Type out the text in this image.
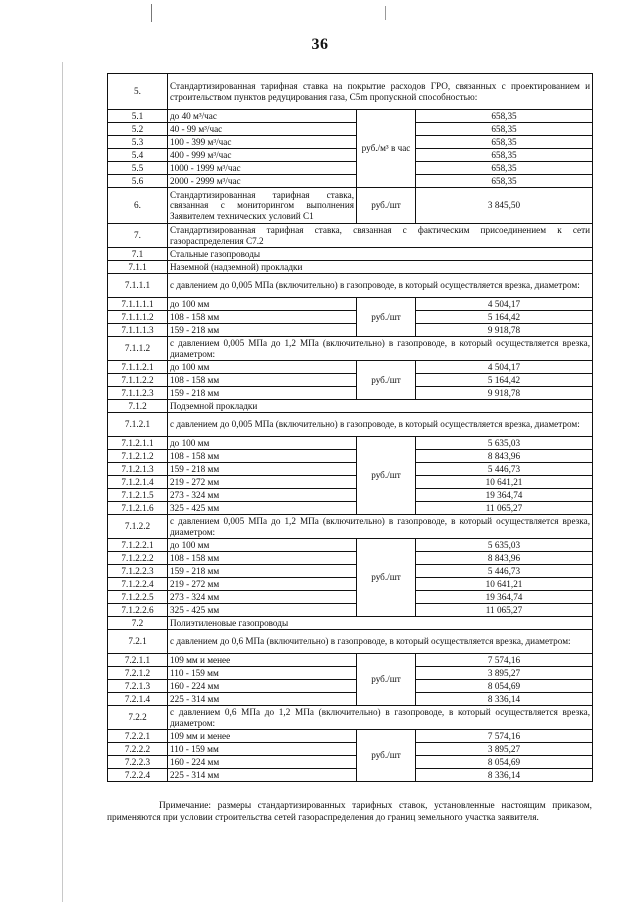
36
5.	Стандартизированная тарифная ставка на покрытие расходов ГРО, связанных с проектированием и строительством пунктов редуцирования газа, С5m пропускной способностью:		
5.1	до 40 м³/час	руб./м³ в час	658,35
5.2	40 - 99 м³/час		658,35
5.3	100 - 399 м³/час		658,35
5.4	400 - 999 м³/час		658,35
5.5	1000 - 1999 м³/час		658,35
5.6	2000 - 2999 м³/час		658,35
6.	Стандартизированная тарифная ставка, связанная с мониторингом выполнения Заявителем технических условий С1	руб./шт	3 845,50
7.	Стандартизированная тарифная ставка, связанная с фактическим присоединением к сети газораспределения С7.2		
7.1	Стальные газопроводы		
7.1.1	Наземной (надземной) прокладки		
7.1.1.1	с давлением до 0,005 МПа (включительно) в газопроводе, в который осуществляется врезка, диаметром:		
7.1.1.1.1	до 100 мм	руб./шт	4 504,17
7.1.1.1.2	108 - 158 мм		5 164,42
7.1.1.1.3	159 - 218 мм		9 918,78
7.1.1.2	с давлением 0,005 МПа до 1,2 МПа (включительно) в газопроводе, в который осуществляется врезка, диаметром:		
7.1.1.2.1	до 100 мм	руб./шт	4 504,17
7.1.1.2.2	108 - 158 мм		5 164,42
7.1.1.2.3	159 - 218 мм		9 918,78
7.1.2	Подземной прокладки		
7.1.2.1	с давлением до 0,005 МПа (включительно) в газопроводе, в который осуществляется врезка, диаметром:		
7.1.2.1.1	до 100 мм	руб./шт	5 635,03
7.1.2.1.2	108 - 158 мм		8 843,96
7.1.2.1.3	159 - 218 мм		5 446,73
7.1.2.1.4	219 - 272 мм		10 641,21
7.1.2.1.5	273 - 324 мм		19 364,74
7.1.2.1.6	325 - 425 мм		11 065,27
7.1.2.2	с давлением 0,005 МПа до 1,2 МПа (включительно) в газопроводе, в который осуществляется врезка, диаметром:		
7.1.2.2.1	до 100 мм	руб./шт	5 635,03
7.1.2.2.2	108 - 158 мм		8 843,96
7.1.2.2.3	159 - 218 мм		5 446,73
7.1.2.2.4	219 - 272 мм		10 641,21
7.1.2.2.5	273 - 324 мм		19 364,74
7.1.2.2.6	325 - 425 мм		11 065,27
7.2	Полиэтиленовые газопроводы		
7.2.1	с давлением до 0,6 МПа (включительно) в газопроводе, в который осуществляется врезка, диаметром:		
7.2.1.1	109 мм и менее	руб./шт	7 574,16
7.2.1.2	110 - 159 мм		3 895,27
7.2.1.3	160 - 224 мм		8 054,69
7.2.1.4	225 - 314 мм		8 336,14
7.2.2	с давлением 0,6 МПа до 1,2 МПа (включительно) в газопроводе, в который осуществляется врезка, диаметром:		
7.2.2.1	109 мм и менее	руб./шт	7 574,16
7.2.2.2	110 - 159 мм		3 895,27
7.2.2.3	160 - 224 мм		8 054,69
7.2.2.4	225 - 314 мм		8 336,14
Примечание: размеры стандартизированных тарифных ставок, установленные настоящим приказом, применяются при условии строительства сетей газораспределения до границ земельного участка заявителя.
